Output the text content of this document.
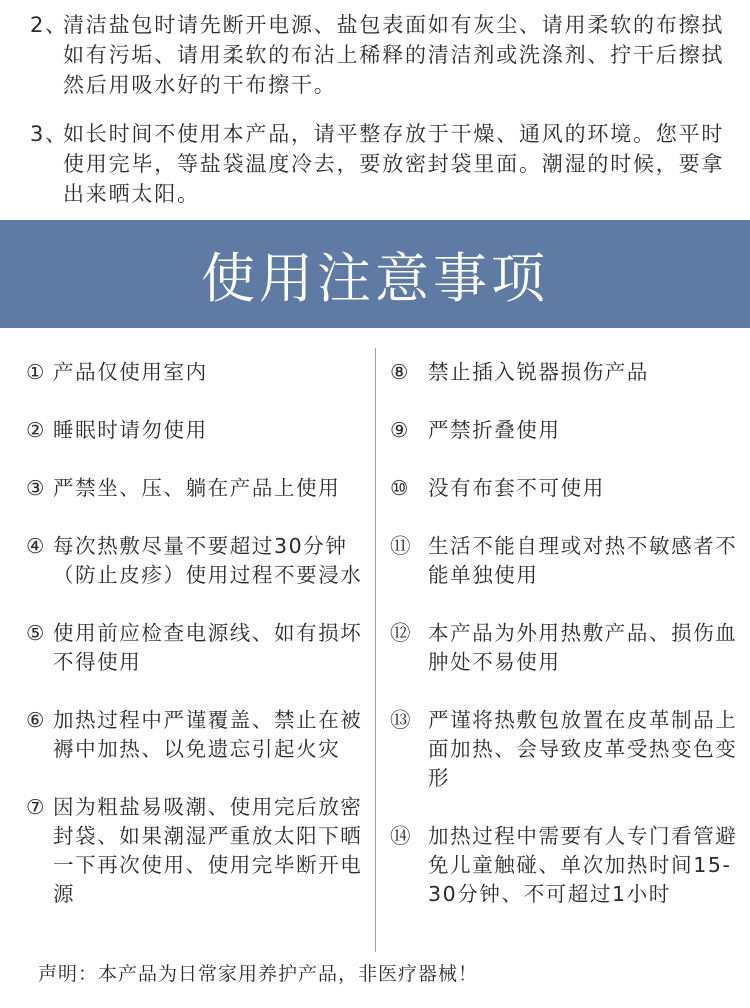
2、
清洁盐包时请先断开电源、盐包表面如有灰尘、请用柔软的布擦拭如有污垢、请用柔软的布沾上稀释的清洁剂或洗涤剂、拧干后擦拭然后用吸水好的干布擦干。
3、
如长时间不使用本产品，请平整存放于干燥、通风的环境。您平时使用完毕，等盐袋温度冷去，要放密封袋里面。潮湿的时候，要拿出来晒太阳。
使用注意事项
① 产品仅使用室内
② 睡眠时请勿使用
③ 严禁坐、压、躺在产品上使用
④ 每次热敷尽量不要超过30分钟（防止皮疹）使用过程不要浸水
⑤ 使用前应检查电源线、如有损坏不得使用
⑥ 加热过程中严谨覆盖、禁止在被褥中加热、以免遗忘引起火灾
⑦ 因为粗盐易吸潮、使用完后放密封袋、如果潮湿严重放太阳下晒一下再次使用、使用完毕断开电源
⑧ 禁止插入锐器损伤产品
⑨ 严禁折叠使用
⑩ 没有布套不可使用
⑪ 生活不能自理或对热不敏感者不能单独使用
⑫ 本产品为外用热敷产品、损伤血肿处不易使用
⑬ 严谨将热敷包放置在皮革制品上面加热、会导致皮革受热变色变形
⑭ 加热过程中需要有人专门看管避免儿童触碰、单次加热时间15-30分钟、不可超过1小时
声明：本产品为日常家用养护产品，非医疗器械！
